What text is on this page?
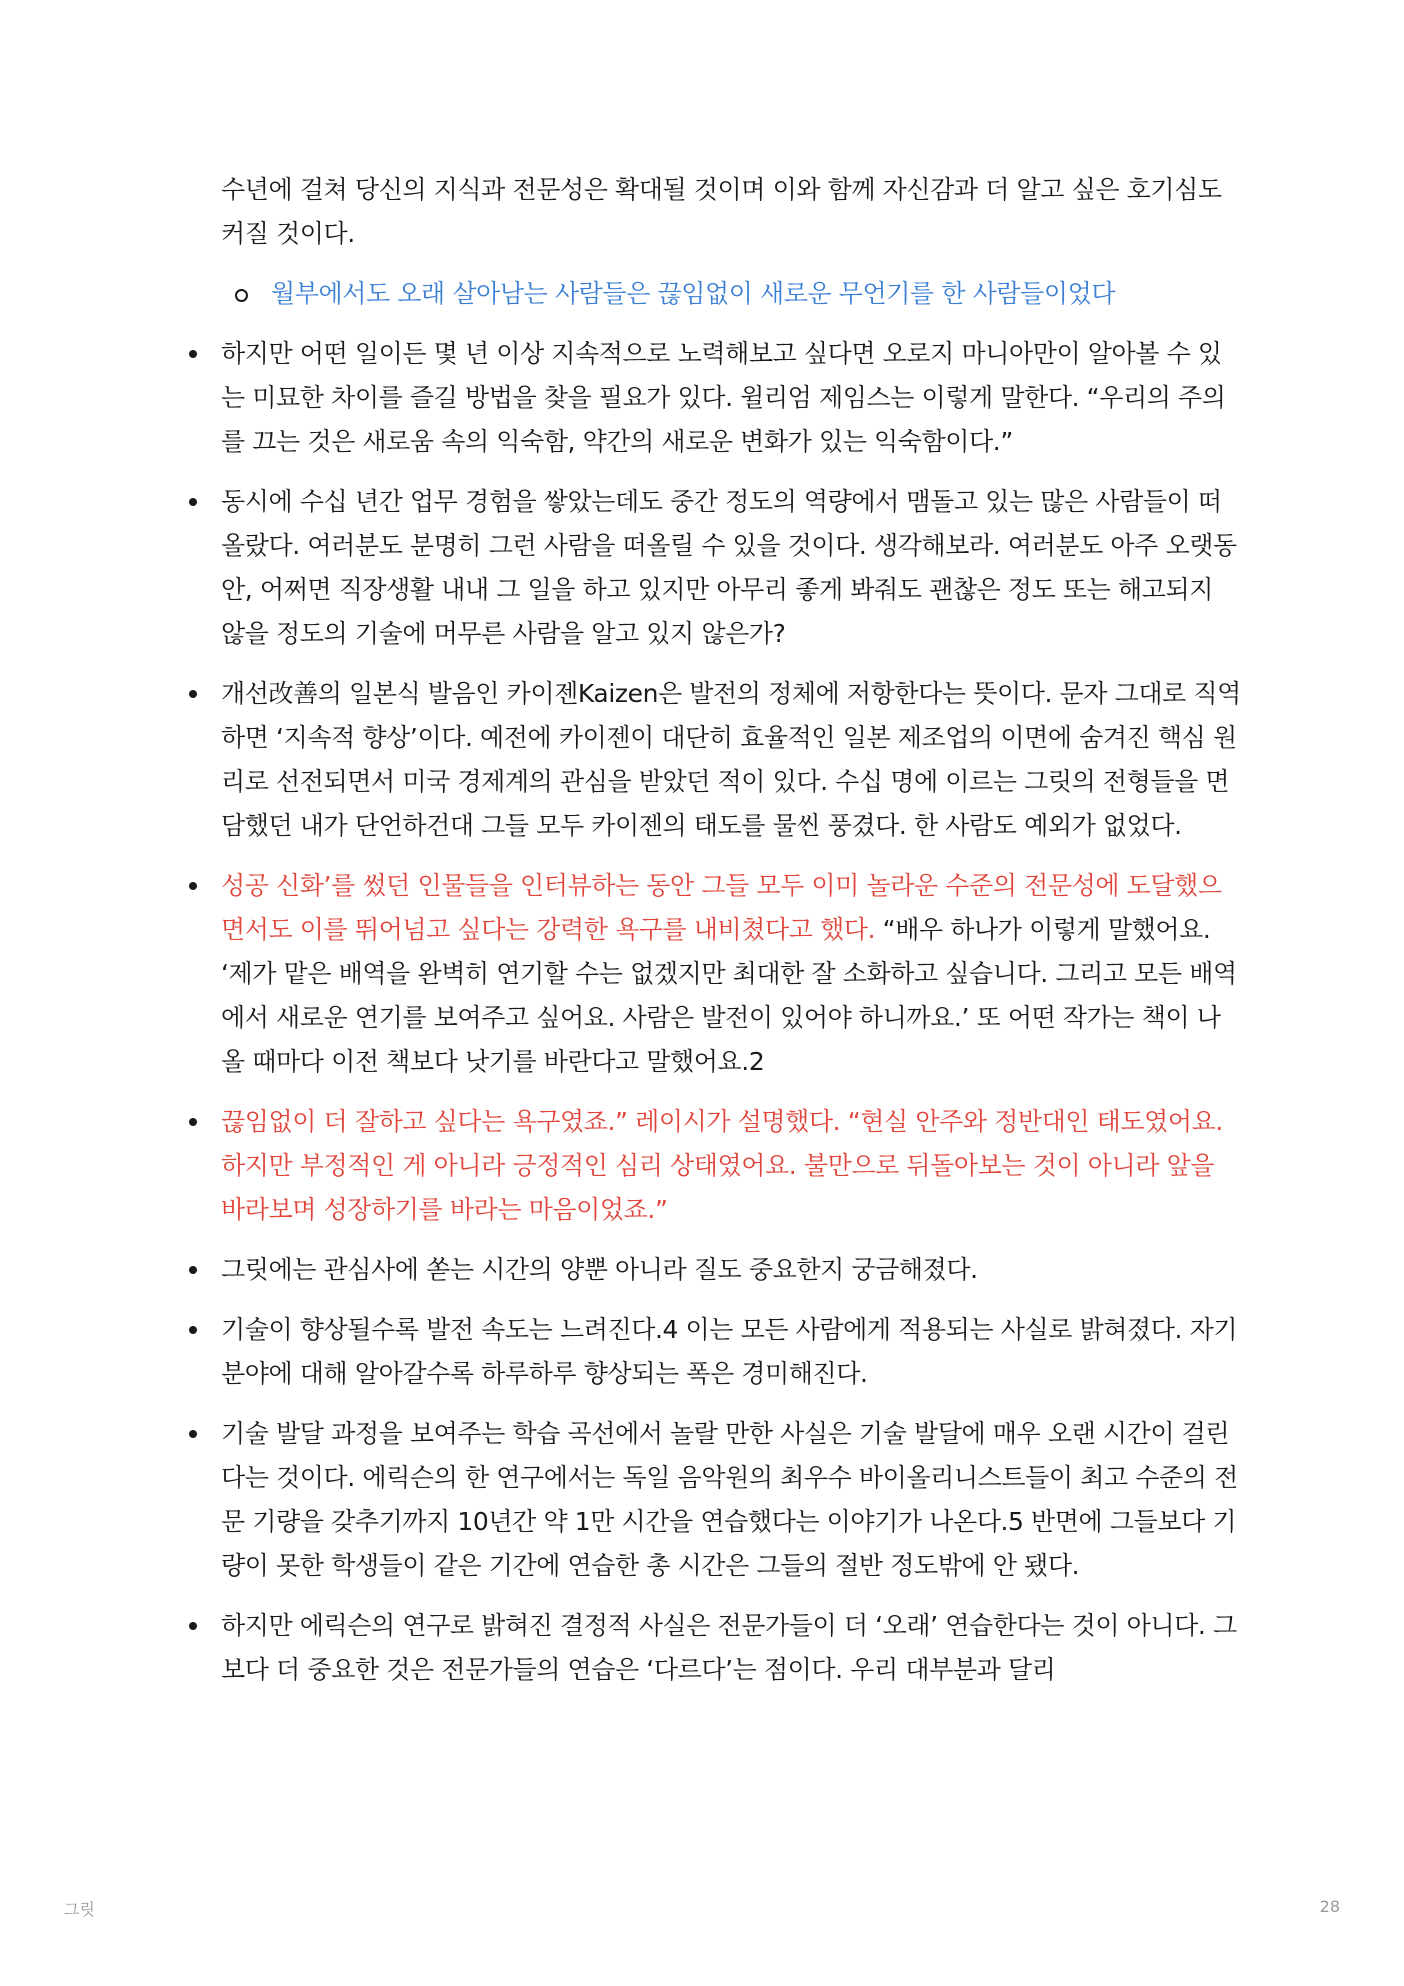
수년에 걸쳐 당신의 지식과 전문성은 확대될 것이며 이와 함께 자신감과 더 알고 싶은 호기심도 커질 것이다.

월부에서도 오래 살아남는 사람들은 끊임없이 새로운 무언기를 한 사람들이었다
하지만 어떤 일이든 몇 년 이상 지속적으로 노력해보고 싶다면 오로지 마니아만이 알아볼 수 있는 미묘한 차이를 즐길 방법을 찾을 필요가 있다. 윌리엄 제임스는 이렇게 말한다. “우리의 주의를 끄는 것은 새로움 속의 익숙함, 약간의 새로운 변화가 있는 익숙함이다.”
동시에 수십 년간 업무 경험을 쌓았는데도 중간 정도의 역량에서 맴돌고 있는 많은 사람들이 떠올랐다. 여러분도 분명히 그런 사람을 떠올릴 수 있을 것이다. 생각해보라. 여러분도 아주 오랫동안, 어쩌면 직장생활 내내 그 일을 하고 있지만 아무리 좋게 봐줘도 괜찮은 정도 또는 해고되지 않을 정도의 기술에 머무른 사람을 알고 있지 않은가?
개선改善의 일본식 발음인 카이젠Kaizen은 발전의 정체에 저항한다는 뜻이다. 문자 그대로 직역하면 ‘지속적 향상’이다. 예전에 카이젠이 대단히 효율적인 일본 제조업의 이면에 숨겨진 핵심 원리로 선전되면서 미국 경제계의 관심을 받았던 적이 있다. 수십 명에 이르는 그릿의 전형들을 면담했던 내가 단언하건대 그들 모두 카이젠의 태도를 물씬 풍겼다. 한 사람도 예외가 없었다.
성공 신화’를 썼던 인물들을 인터뷰하는 동안 그들 모두 이미 놀라운 수준의 전문성에 도달했으면서도 이를 뛰어넘고 싶다는 강력한 욕구를 내비쳤다고 했다. “배우 하나가 이렇게 말했어요. ‘제가 맡은 배역을 완벽히 연기할 수는 없겠지만 최대한 잘 소화하고 싶습니다. 그리고 모든 배역에서 새로운 연기를 보여주고 싶어요. 사람은 발전이 있어야 하니까요.’ 또 어떤 작가는 책이 나올 때마다 이전 책보다 낫기를 바란다고 말했어요.2
끊임없이 더 잘하고 싶다는 욕구였죠.” 레이시가 설명했다. “현실 안주와 정반대인 태도였어요. 하지만 부정적인 게 아니라 긍정적인 심리 상태였어요. 불만으로 뒤돌아보는 것이 아니라 앞을 바라보며 성장하기를 바라는 마음이었죠.”
그릿에는 관심사에 쏟는 시간의 양뿐 아니라 질도 중요한지 궁금해졌다.
기술이 향상될수록 발전 속도는 느려진다.4 이는 모든 사람에게 적용되는 사실로 밝혀졌다. 자기 분야에 대해 알아갈수록 하루하루 향상되는 폭은 경미해진다.
기술 발달 과정을 보여주는 학습 곡선에서 놀랄 만한 사실은 기술 발달에 매우 오랜 시간이 걸린다는 것이다. 에릭슨의 한 연구에서는 독일 음악원의 최우수 바이올리니스트들이 최고 수준의 전문 기량을 갖추기까지 10년간 약 1만 시간을 연습했다는 이야기가 나온다.5 반면에 그들보다 기량이 못한 학생들이 같은 기간에 연습한 총 시간은 그들의 절반 정도밖에 안 됐다.
하지만 에릭슨의 연구로 밝혀진 결정적 사실은 전문가들이 더 ‘오래’ 연습한다는 것이 아니다. 그보다 더 중요한 것은 전문가들의 연습은 ‘다르다’는 점이다. 우리 대부분과 달리
그릿	28
